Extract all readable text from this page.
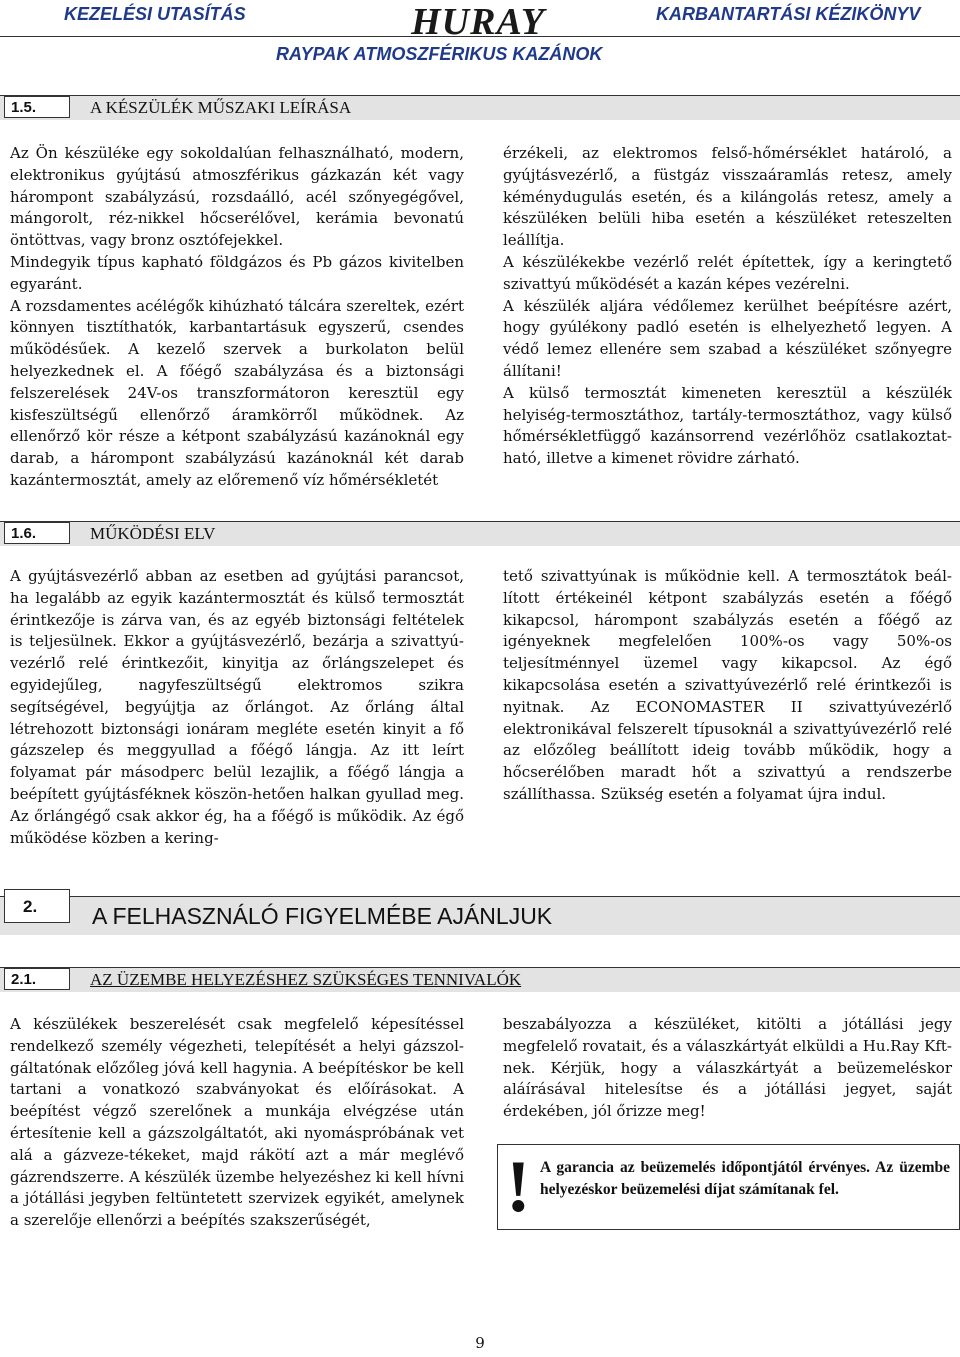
KEZELÉSI UTASÍTÁS	HURAY	KARBANTARTÁSI KÉZIKÖNYV
RAYPAK ATMOSZFÉRIKUS KAZÁNOK
1.5.	A KÉSZÜLÉK MŰSZAKI LEÍRÁSA

Az Ön készüléke egy sokoldalúan felhasználható, modern, elektronikus gyújtású atmoszférikus gázkazán két vagy hárompont szabályzású, rozsdaálló, acél szőnyegégővel, mángorolt, réz-nikkel hőcserélővel, kerámia bevonatú öntöttvas, vagy bronz osztófejekkel.

Mindegyik típus kapható földgázos és Pb gázos kivitelben egyaránt.

A rozsdamentes acélégők kihúzható tálcára szereltek, ezért könnyen tisztíthatók, karbantartásuk egyszerű, csendes működésűek. A kezelő szervek a burkolaton belül helyezkednek el. A főégő szabályzása és a biztonsági felszerelések 24V-os transzformátoron keresztül egy kisfeszültségű ellenőrző áramkörről működnek. Az ellenőrző kör része a kétpont szabályzású kazánoknál egy darab, a hárompont szabályzású kazánoknál két darab kazántermosztát, amely az előremenő víz hőmérsékletét

érzékeli, az elektromos felső-hőmérséklet határoló, a gyújtásvezérlő, a füstgáz visszaáramlás retesz, amely kéménydugulás esetén, és a kilángolás retesz, amely a készüléken belüli hiba esetén a készüléket reteszelten leállítja.

A készülékekbe vezérlő relét építettek, így a keringtető szivattyú működését a kazán képes vezérelni.

A készülék aljára védőlemez kerülhet beépítésre azért, hogy gyúlékony padló esetén is elhelyezhető legyen. A védő lemez ellenére sem szabad a készüléket szőnyegre állítani!

A külső termosztát kimeneten keresztül a készülék helyiség-termosztáthoz, tartály-termosztáthoz, vagy külső hőmérsékletfüggő kazánsorrend vezérlőhöz csatlakoztat-ható, illetve a kimenet rövidre zárható.

1.6.	MŰKÖDÉSI ELV

A gyújtásvezérlő abban az esetben ad gyújtási parancsot, ha legalább az egyik kazántermosztát és külső termosztát érintkezője is zárva van, és az egyéb biztonsági feltételek is teljesülnek. Ekkor a gyújtásvezérlő, bezárja a szivattyú-vezérlő relé érintkezőit, kinyitja az őrlángszelepet és egyidejűleg, nagyfeszültségű elektromos szikra segítségével, begyújtja az őrlángot. Az őrláng által létrehozott biztonsági ionáram megléte esetén kinyit a fő gázszelep és meggyullad a főégő lángja. Az itt leírt folyamat pár másodperc belül lezajlik, a főégő lángja a beépített gyújtásféknek köszön-hetően halkan gyullad meg. Az őrlángégő csak akkor ég, ha a főégő is működik. Az égő működése közben a kering-

tető szivattyúnak is működnie kell. A termosztátok beál-lított értékeinél kétpont szabályzás esetén a főégő kikapcsol, hárompont szabályzás esetén a főégő az igényeknek megfelelően 100%-os vagy 50%-os teljesítménnyel üzemel vagy kikapcsol. Az égő kikapcsolása esetén a szivattyúvezérlő relé érintkezői is nyitnak. Az ECONOMASTER II szivattyúvezérlő elektronikával felszerelt típusoknál a szivattyúvezérlő relé az előzőleg beállított ideig tovább működik, hogy a hőcserélőben maradt hőt a szivattyú a rendszerbe szállíthassa. Szükség esetén a folyamat újra indul.

2.	A FELHASZNÁLÓ FIGYELMÉBE AJÁNLJUK
2.1.	AZ ÜZEMBE HELYEZÉSHEZ SZÜKSÉGES TENNIVALÓK

A készülékek beszerelését csak megfelelő képesítéssel rendelkező személy végezheti, telepítését a helyi gázszol-gáltatónak előzőleg jóvá kell hagynia. A beépítéskor be kell tartani a vonatkozó szabványokat és előírásokat. A beépítést végző szerelőnek a munkája elvégzése után értesítenie kell a gázszolgáltatót, aki nyomáspróbának vet alá a gázveze-tékeket, majd rákötí azt a már meglévő gázrendszerre. A készülék üzembe helyezéshez ki kell hívni a jótállási jegyben feltüntetett szervizek egyikét, amelynek a szerelője ellenőrzi a beépítés szakszerűségét,

beszabályozza a készüléket, kitölti a jótállási jegy megfelelő rovatait, és a válaszkártyát elküldi a Hu.Ray Kft-nek. Kérjük, hogy a válaszkártyát a beüzemeléskor aláírásával hitelesítse és a jótállási jegyet, saját érdekében, jól őrizze meg!

! A garancia az beüzemelés időpontjától érvényes. Az üzembe helyezéskor beüzemelési díjat számítanak fel.
9
